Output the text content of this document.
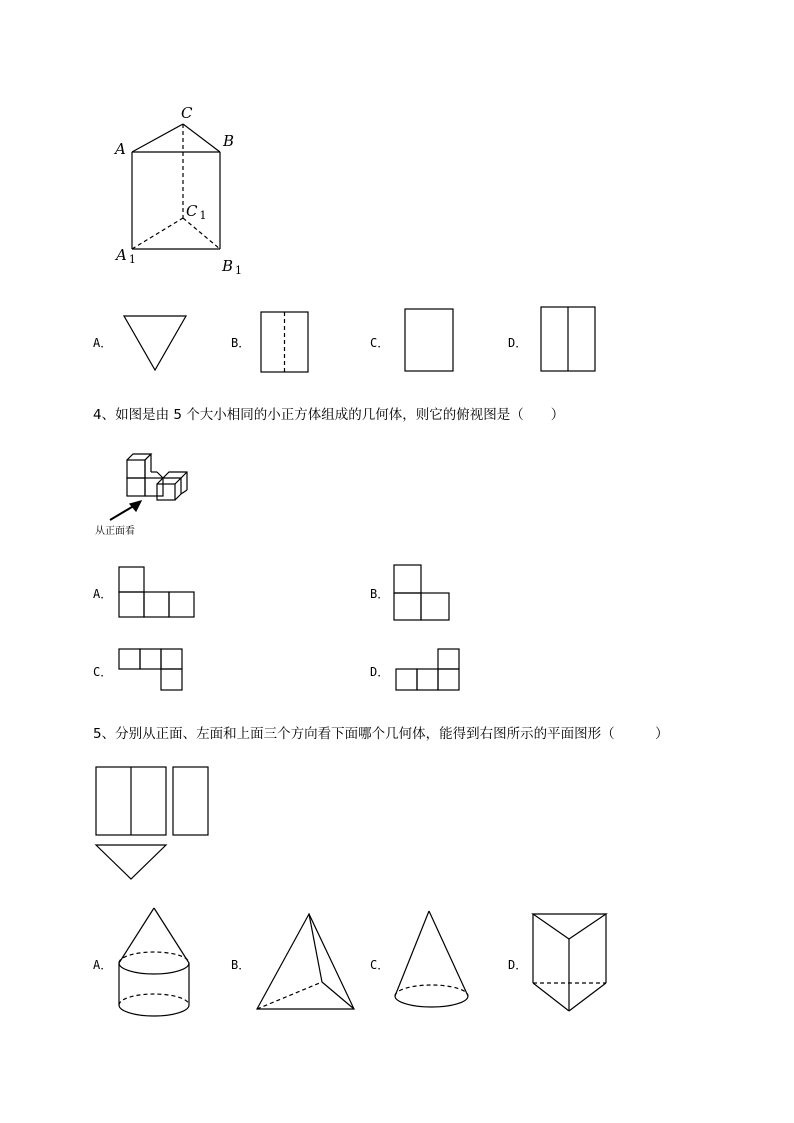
C
A	B
C $_1$
A $_1$	B $_1$
A．	B．	C．	D．
4、如图是由 5 个大小相同的小正方体组成的几何体，则它的俯视图是（　　）
从正面看
A．	B．
C．	D．
5、分别从正面、左面和上面三个方向看下面哪个几何体，能得到右图所示的平面图形（　　　）
A．	B．	C．	D．
